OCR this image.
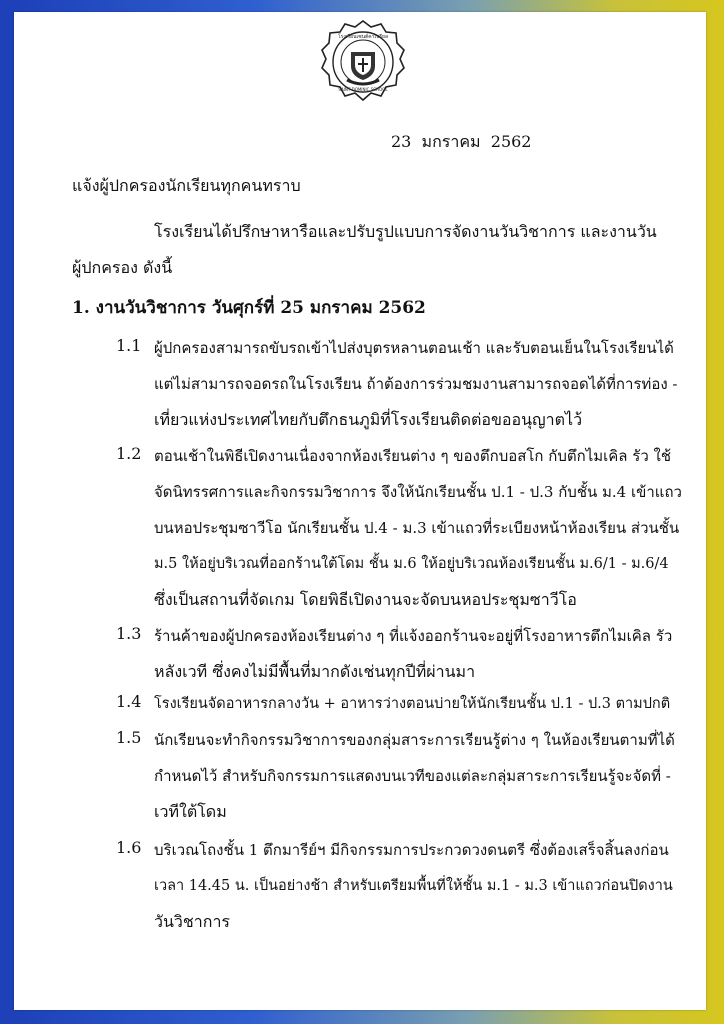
โรงเรียนเซนต์คาเบรียล
SAINT DOMINIC SCHOOL
23  มกราคม  2562
แจ้งผู้ปกครองนักเรียนทุกคนทราบ
โรงเรียนได้ปรึกษาหารือและปรับรูปแบบการจัดงานวันวิชาการ และงานวัน
ผู้ปกครอง ดังนี้
1. งานวันวิชาการ วันศุกร์ที่ 25 มกราคม 2562
1.1 ผู้ปกครองสามารถขับรถเข้าไปส่งบุตรหลานตอนเช้า และรับตอนเย็นในโรงเรียนได้
แต่ไม่สามารถจอดรถในโรงเรียน ถ้าต้องการร่วมชมงานสามารถจอดได้ที่การท่อง -
เที่ยวแห่งประเทศไทยกับตึกธนภูมิที่โรงเรียนติดต่อขออนุญาตไว้
1.2 ตอนเช้าในพิธีเปิดงานเนื่องจากห้องเรียนต่าง ๆ ของตึกบอสโก กับตึกไมเคิล รัว ใช้
จัดนิทรรศการและกิจกรรมวิชาการ จึงให้นักเรียนชั้น ป.1 - ป.3 กับชั้น ม.4 เข้าแถว
บนหอประชุมซาวีโอ นักเรียนชั้น ป.4 - ม.3 เข้าแถวที่ระเบียงหน้าห้องเรียน ส่วนชั้น
ม.5 ให้อยู่บริเวณที่ออกร้านใต้โดม ชั้น ม.6 ให้อยู่บริเวณห้องเรียนชั้น ม.6/1 - ม.6/4
ซึ่งเป็นสถานที่จัดเกม โดยพิธีเปิดงานจะจัดบนหอประชุมซาวีโอ
1.3 ร้านค้าของผู้ปกครองห้องเรียนต่าง ๆ ที่แจ้งออกร้านจะอยู่ที่โรงอาหารตึกไมเคิล รัว
หลังเวที ซึ่งคงไม่มีพื้นที่มากดังเช่นทุกปีที่ผ่านมา
1.4 โรงเรียนจัดอาหารกลางวัน + อาหารว่างตอนบ่ายให้นักเรียนชั้น ป.1 - ป.3 ตามปกติ
1.5 นักเรียนจะทำกิจกรรมวิชาการของกลุ่มสาระการเรียนรู้ต่าง ๆ ในห้องเรียนตามที่ได้
กำหนดไว้ สำหรับกิจกรรมการแสดงบนเวทีของแต่ละกลุ่มสาระการเรียนรู้จะจัดที่ -
เวทีใต้โดม
1.6 บริเวณโถงชั้น 1 ตึกมารีย์ฯ มีกิจกรรมการประกวดวงดนตรี ซึ่งต้องเสร็จสิ้นลงก่อน
เวลา 14.45 น. เป็นอย่างช้า สำหรับเตรียมพื้นที่ให้ชั้น ม.1 - ม.3 เข้าแถวก่อนปิดงาน
วันวิชาการ
